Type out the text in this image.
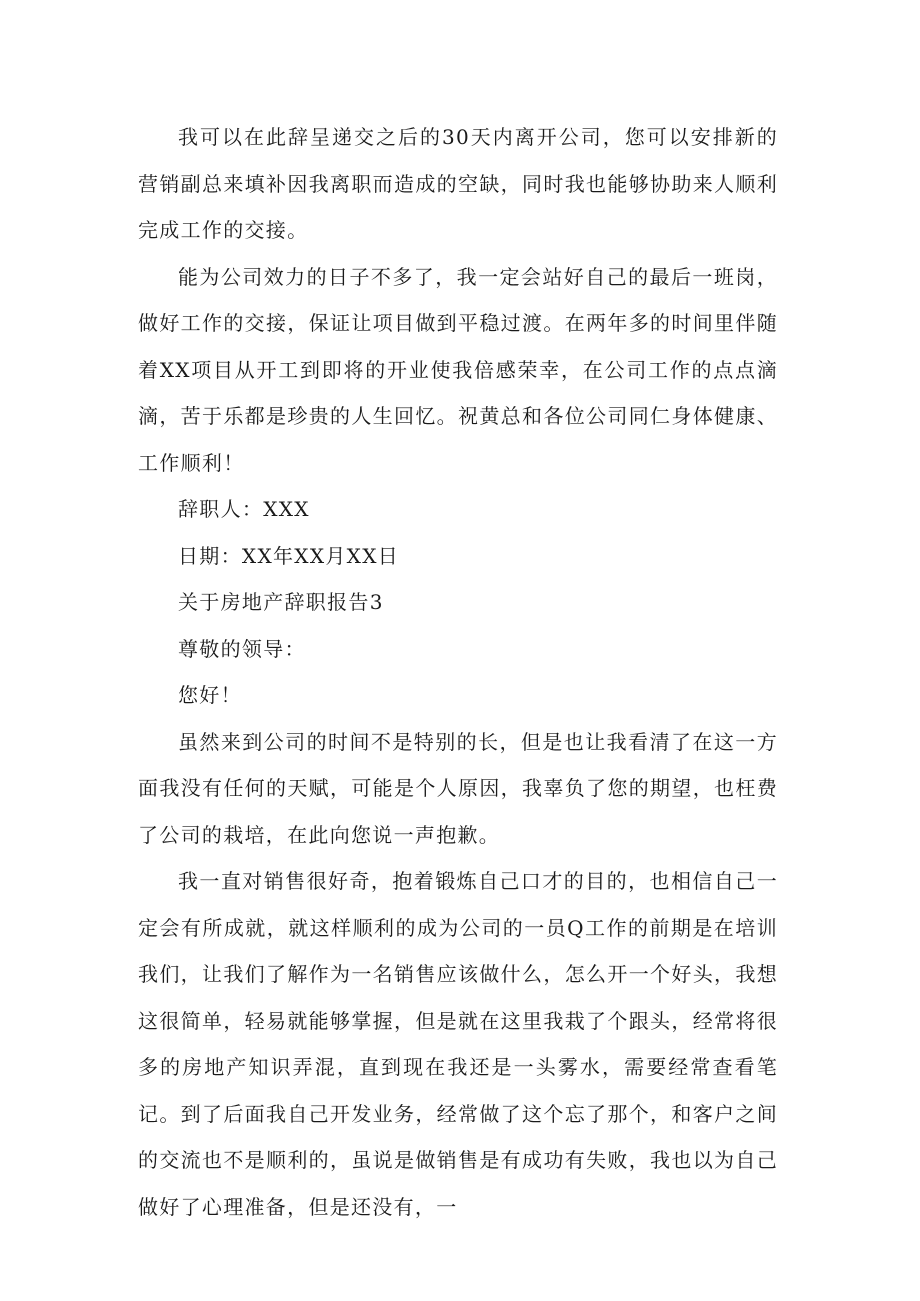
我可以在此辞呈递交之后的30天内离开公司，您可以安排新的营销副总来填补因我离职而造成的空缺，同时我也能够协助来人顺利完成工作的交接。

能为公司效力的日子不多了，我一定会站好自己的最后一班岗，做好工作的交接，保证让项目做到平稳过渡。在两年多的时间里伴随着XX项目从开工到即将的开业使我倍感荣幸，在公司工作的点点滴滴，苦于乐都是珍贵的人生回忆。祝黄总和各位公司同仁身体健康、工作顺利！

辞职人：XXX

日期：XX年XX月XX日

关于房地产辞职报告3

尊敬的领导：

您好！

虽然来到公司的时间不是特别的长，但是也让我看清了在这一方面我没有任何的天赋，可能是个人原因，我辜负了您的期望，也枉费了公司的栽培，在此向您说一声抱歉。

我一直对销售很好奇，抱着锻炼自己口才的目的，也相信自己一定会有所成就，就这样顺利的成为公司的一员Q工作的前期是在培训我们，让我们了解作为一名销售应该做什么，怎么开一个好头，我想这很简单，轻易就能够掌握，但是就在这里我栽了个跟头，经常将很多的房地产知识弄混，直到现在我还是一头雾水，需要经常查看笔记。到了后面我自己开发业务，经常做了这个忘了那个，和客户之间的交流也不是顺利的，虽说是做销售是有成功有失败，我也以为自己做好了心理准备，但是还没有，一
